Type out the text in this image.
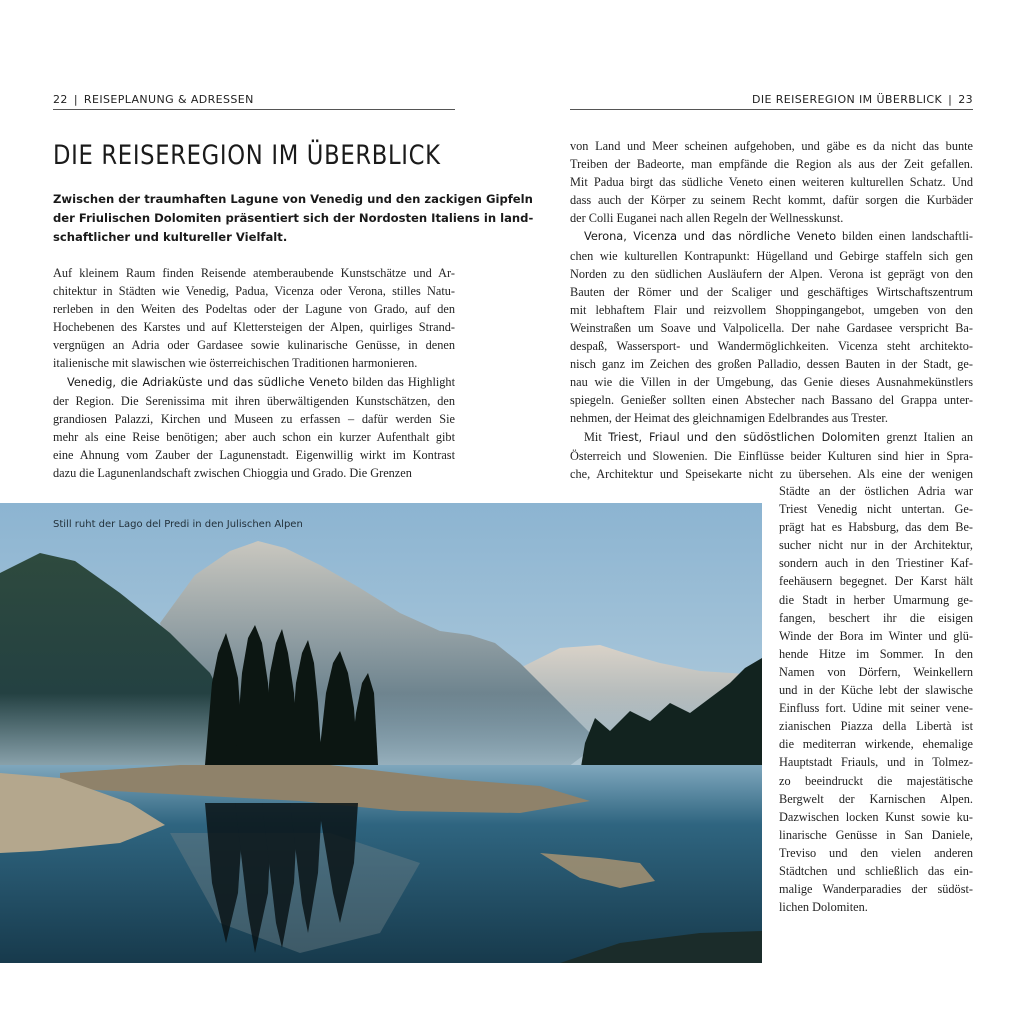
22 | REISEPLANUNG & ADRESSEN	DIE REISEREGION IM ÜBERBLICK | 23
DIE REISEREGION IM ÜBERBLICK
Zwischen der traumhaften Lagune von Venedig und den zackigen Gipfeln
der Friulischen Dolomiten präsentiert sich der Nordosten Italiens in land-
schaftlicher und kultureller Vielfalt.
Auf kleinem Raum finden Reisende atemberaubende Kunstschätze und Ar-
chitektur in Städten wie Venedig, Padua, Vicenza oder Verona, stilles Natu-
rerleben in den Weiten des Podeltas oder der Lagune von Grado, auf den
Hochebenen des Karstes und auf Klettersteigen der Alpen, quirliges Strand-
vergnügen an Adria oder Gardasee sowie kulinarische Genüsse, in denen
italienische mit slawischen wie österreichischen Traditionen harmonieren.
Venedig, die Adriaküste und das südliche Veneto bilden das Highlight
der Region. Die Serenissima mit ihren überwältigenden Kunstschätzen, den
grandiosen Palazzi, Kirchen und Museen zu erfassen – dafür werden Sie
mehr als eine Reise benötigen; aber auch schon ein kurzer Aufenthalt gibt
eine Ahnung vom Zauber der Lagunenstadt. Eigenwillig wirkt im Kontrast
dazu die Lagunenlandschaft zwischen Chioggia und Grado. Die Grenzen
von Land und Meer scheinen aufgehoben, und gäbe es da nicht das bunte
Treiben der Badeorte, man empfände die Region als aus der Zeit gefallen.
Mit Padua birgt das südliche Veneto einen weiteren kulturellen Schatz. Und
dass auch der Körper zu seinem Recht kommt, dafür sorgen die Kurbäder
der Colli Euganei nach allen Regeln der Wellnesskunst.
Verona, Vicenza und das nördliche Veneto bilden einen landschaftli-
chen wie kulturellen Kontrapunkt: Hügelland und Gebirge staffeln sich gen
Norden zu den südlichen Ausläufern der Alpen. Verona ist geprägt von den
Bauten der Römer und der Scaliger und geschäftiges Wirtschaftszentrum
mit lebhaftem Flair und reizvollem Shoppingangebot, umgeben von den
Weinstraßen um Soave und Valpolicella. Der nahe Gardasee verspricht Ba-
despaß, Wassersport- und Wandermöglichkeiten. Vicenza steht architekto-
nisch ganz im Zeichen des großen Palladio, dessen Bauten in der Stadt, ge-
nau wie die Villen in der Umgebung, das Genie dieses Ausnahmekünstlers
spiegeln. Genießer sollten einen Abstecher nach Bassano del Grappa unter-
nehmen, der Heimat des gleichnamigen Edelbrandes aus Trester.
Mit Triest, Friaul und den südöstlichen Dolomiten grenzt Italien an
Österreich und Slowenien. Die Einflüsse beider Kulturen sind hier in Spra-
che, Architektur und Speisekarte nicht zu übersehen. Als eine der wenigen
Städte an der östlichen Adria war
Triest Venedig nicht untertan. Ge-
prägt hat es Habsburg, das dem Be-
sucher nicht nur in der Architektur,
sondern auch in den Triestiner Kaf-
feehäusern begegnet. Der Karst hält
die Stadt in herber Umarmung ge-
fangen, beschert ihr die eisigen
Winde der Bora im Winter und glü-
hende Hitze im Sommer. In den
Namen von Dörfern, Weinkellern
und in der Küche lebt der slawische
Einfluss fort. Udine mit seiner vene-
zianischen Piazza della Libertà ist
die mediterran wirkende, ehemalige
Hauptstadt Friauls, und in Tolmez-
zo beeindruckt die majestätische
Bergwelt der Karnischen Alpen.
Dazwischen locken Kunst sowie ku-
linarische Genüsse in San Daniele,
Treviso und den vielen anderen
Städtchen und schließlich das ein-
malige Wanderparadies der südöst-
lichen Dolomiten.
Still ruht der Lago del Predi in den Julischen Alpen
